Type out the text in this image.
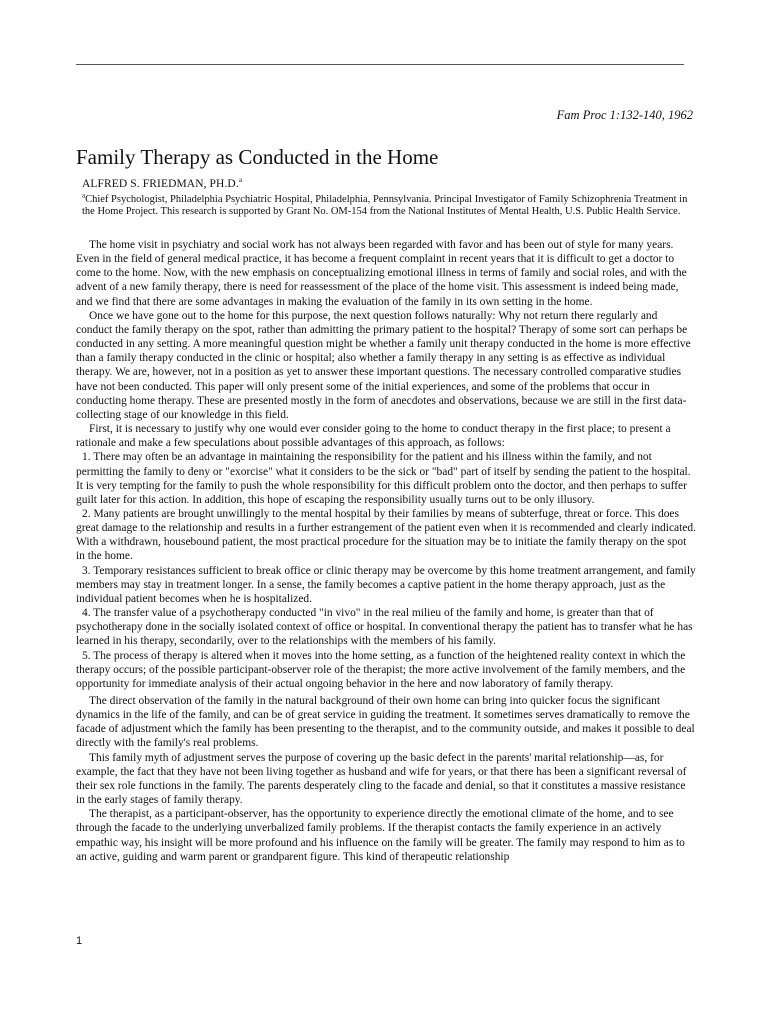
Fam Proc 1:132-140, 1962
Family Therapy as Conducted in the Home
ALFRED S. FRIEDMAN, PH.D.$^a$
$^a$Chief Psychologist, Philadelphia Psychiatric Hospital, Philadelphia, Pennsylvania. Principal Investigator of Family Schizophrenia Treatment in the Home Project. This research is supported by Grant No. OM-154 from the National Institutes of Mental Health, U.S. Public Health Service.

The home visit in psychiatry and social work has not always been regarded with favor and has been out of style for many years. Even in the field of general medical practice, it has become a frequent complaint in recent years that it is difficult to get a doctor to come to the home. Now, with the new emphasis on conceptualizing emotional illness in terms of family and social roles, and with the advent of a new family therapy, there is need for reassessment of the place of the home visit. This assessment is indeed being made, and we find that there are some advantages in making the evaluation of the family in its own setting in the home.

Once we have gone out to the home for this purpose, the next question follows naturally: Why not return there regularly and conduct the family therapy on the spot, rather than admitting the primary patient to the hospital? Therapy of some sort can perhaps be conducted in any setting. A more meaningful question might be whether a family unit therapy conducted in the home is more effective than a family therapy conducted in the clinic or hospital; also whether a family therapy in any setting is as effective as individual therapy. We are, however, not in a position as yet to answer these important questions. The necessary controlled comparative studies have not been conducted. This paper will only present some of the initial experiences, and some of the problems that occur in conducting home therapy. These are presented mostly in the form of anecdotes and observations, because we are still in the first data-collecting stage of our knowledge in this field.

First, it is necessary to justify why one would ever consider going to the home to conduct therapy in the first place; to present a rationale and make a few speculations about possible advantages of this approach, as follows:

1. There may often be an advantage in maintaining the responsibility for the patient and his illness within the family, and not permitting the family to deny or "exorcise" what it considers to be the sick or "bad" part of itself by sending the patient to the hospital. It is very tempting for the family to push the whole responsibility for this difficult problem onto the doctor, and then perhaps to suffer guilt later for this action. In addition, this hope of escaping the responsibility usually turns out to be only illusory.

2. Many patients are brought unwillingly to the mental hospital by their families by means of subterfuge, threat or force. This does great damage to the relationship and results in a further estrangement of the patient even when it is recommended and clearly indicated. With a withdrawn, housebound patient, the most practical procedure for the situation may be to initiate the family therapy on the spot in the home.

3. Temporary resistances sufficient to break office or clinic therapy may be overcome by this home treatment arrangement, and family members may stay in treatment longer. In a sense, the family becomes a captive patient in the home therapy approach, just as the individual patient becomes when he is hospitalized.

4. The transfer value of a psychotherapy conducted "in vivo" in the real milieu of the family and home, is greater than that of psychotherapy done in the socially isolated context of office or hospital. In conventional therapy the patient has to transfer what he has learned in his therapy, secondarily, over to the relationships with the members of his family.

5. The process of therapy is altered when it moves into the home setting, as a function of the heightened reality context in which the therapy occurs; of the possible participant-observer role of the therapist; the more active involvement of the family members, and the opportunity for immediate analysis of their actual ongoing behavior in the here and now laboratory of family therapy.

The direct observation of the family in the natural background of their own home can bring into quicker focus the significant dynamics in the life of the family, and can be of great service in guiding the treatment. It sometimes serves dramatically to remove the facade of adjustment which the family has been presenting to the therapist, and to the community outside, and makes it possible to deal directly with the family's real problems.

This family myth of adjustment serves the purpose of covering up the basic defect in the parents' marital relationship—as, for example, the fact that they have not been living together as husband and wife for years, or that there has been a significant reversal of their sex role functions in the family. The parents desperately cling to the facade and denial, so that it constitutes a massive resistance in the early stages of family therapy.

The therapist, as a participant-observer, has the opportunity to experience directly the emotional climate of the home, and to see through the facade to the underlying unverbalized family problems. If the therapist contacts the family experience in an actively empathic way, his insight will be more profound and his influence on the family will be greater. The family may respond to him as to an active, guiding and warm parent or grandparent figure. This kind of therapeutic relationship

1
